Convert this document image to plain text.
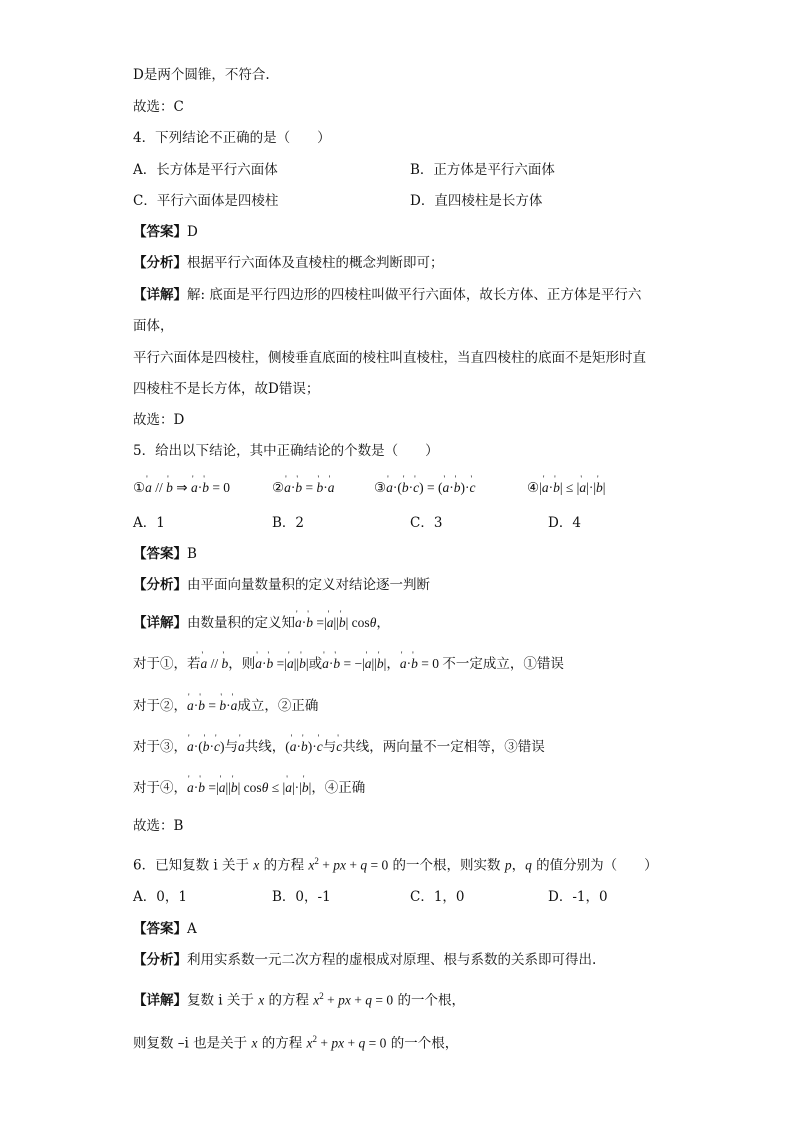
D是两个圆锥，不符合.
故选：C
4．下列结论不正确的是（　　）
A．长方体是平行六面体	B．正方体是平行六面体
C．平行六面体是四棱柱	D．直四棱柱是长方体
【答案】D
【分析】根据平行六面体及直棱柱的概念判断即可；
【详解】解: 底面是平行四边形的四棱柱叫做平行六面体，故长方体、正方体是平行六
面体，
平行六面体是四棱柱，侧棱垂直底面的棱柱叫直棱柱，当直四棱柱的底面不是矩形时直
四棱柱不是长方体，故D错误；
故选：D
5．给出以下结论，其中正确结论的个数是（　　）
①' a // ' b ⇒ ' a·' b = 0	②' a·' b = ' b·' a	③' a·(' b·' c) = (' a·' b)·' c	④|' a·' b| ≤ |' a|·|' b|
A．1	B．2	C．3	D．4
【答案】B
【分析】由平面向量数量积的定义对结论逐一判断
【详解】由数量积的定义知' a·' b =|' a||' b| cosθ，
对于①，若' a // ' b，则' a·' b =|' a||' b|或' a·' b = −|' a||' b|，' a·' b = 0 不一定成立，①错误
对于②，' a·' b = ' b·' a成立，②正确
对于③，' a·(' b·' c)与' a共线，(' a·' b)·' c与' c共线，两向量不一定相等，③错误
对于④，' a·' b =|' a||' b| cosθ ≤ |' a|·|' b|，④正确
故选：B
6．已知复数 i 关于 x 的方程 $x^2$ + px + q = 0 的一个根，则实数 p，q 的值分别为（　　）
A．0，1	B．0，-1	C．1，0	D．-1，0
【答案】A
【分析】利用实系数一元二次方程的虚根成对原理、根与系数的关系即可得出.
【详解】复数 i 关于 x 的方程 $x^2$ + px + q = 0 的一个根，
则复数 –i 也是关于 x 的方程 $x^2$ + px + q = 0 的一个根，
